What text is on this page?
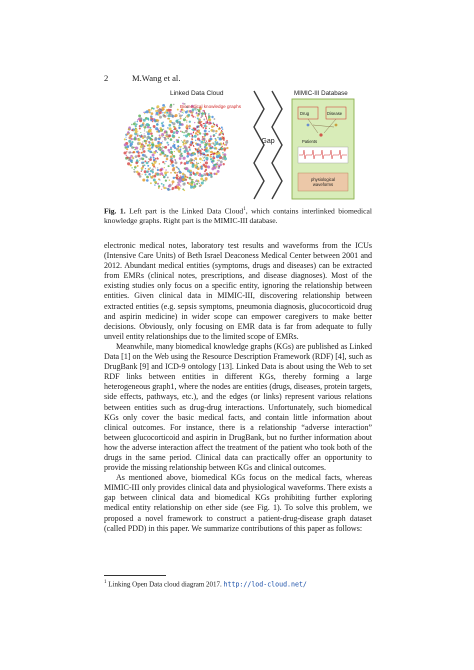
2	M.Wang et al.
Linked Data Cloud
Biomedical knowledge graphs
Gap
MIMIC-III Database
Drug	Disease
Patients
physiological waveforms
Fig. 1. Left part is the Linked Data Cloud$^1$, which contains interlinked biomedical knowledge graphs. Right part is the MIMIC-III database.

electronic medical notes, laboratory test results and waveforms from the ICUs (Intensive Care Units) of Beth Israel Deaconess Medical Center between 2001 and 2012. Abundant medical entities (symptoms, drugs and diseases) can be extracted from EMRs (clinical notes, prescriptions, and disease diagnoses). Most of the existing studies only focus on a specific entity, ignoring the relationship between entities. Given clinical data in MIMIC-III, discovering relationship between extracted entities (e.g. sepsis symptoms, pneumonia diagnosis, glucocorticoid drug and aspirin medicine) in wider scope can empower caregivers to make better decisions. Obviously, only focusing on EMR data is far from adequate to fully unveil entity relationships due to the limited scope of EMRs.

Meanwhile, many biomedical knowledge graphs (KGs) are published as Linked Data [1] on the Web using the Resource Description Framework (RDF) [4], such as DrugBank [9] and ICD-9 ontology [13]. Linked Data is about using the Web to set RDF links between entities in different KGs, thereby forming a large heterogeneous graph1, where the nodes are entities (drugs, diseases, protein targets, side effects, pathways, etc.), and the edges (or links) represent various relations between entities such as drug-drug interactions. Unfortunately, such biomedical KGs only cover the basic medical facts, and contain little information about clinical outcomes. For instance, there is a relationship “adverse interaction” between glucocorticoid and aspirin in DrugBank, but no further information about how the adverse interaction affect the treatment of the patient who took both of the drugs in the same period. Clinical data can practically offer an opportunity to provide the missing relationship between KGs and clinical outcomes.

As mentioned above, biomedical KGs focus on the medical facts, whereas MIMIC-III only provides clinical data and physiological waveforms. There exists a gap between clinical data and biomedical KGs prohibiting further exploring medical entity relationship on ether side (see Fig. 1). To solve this problem, we proposed a novel framework to construct a patient-drug-disease graph dataset (called PDD) in this paper. We summarize contributions of this paper as follows:

$^1$ Linking Open Data cloud diagram 2017. http://lod-cloud.net/
